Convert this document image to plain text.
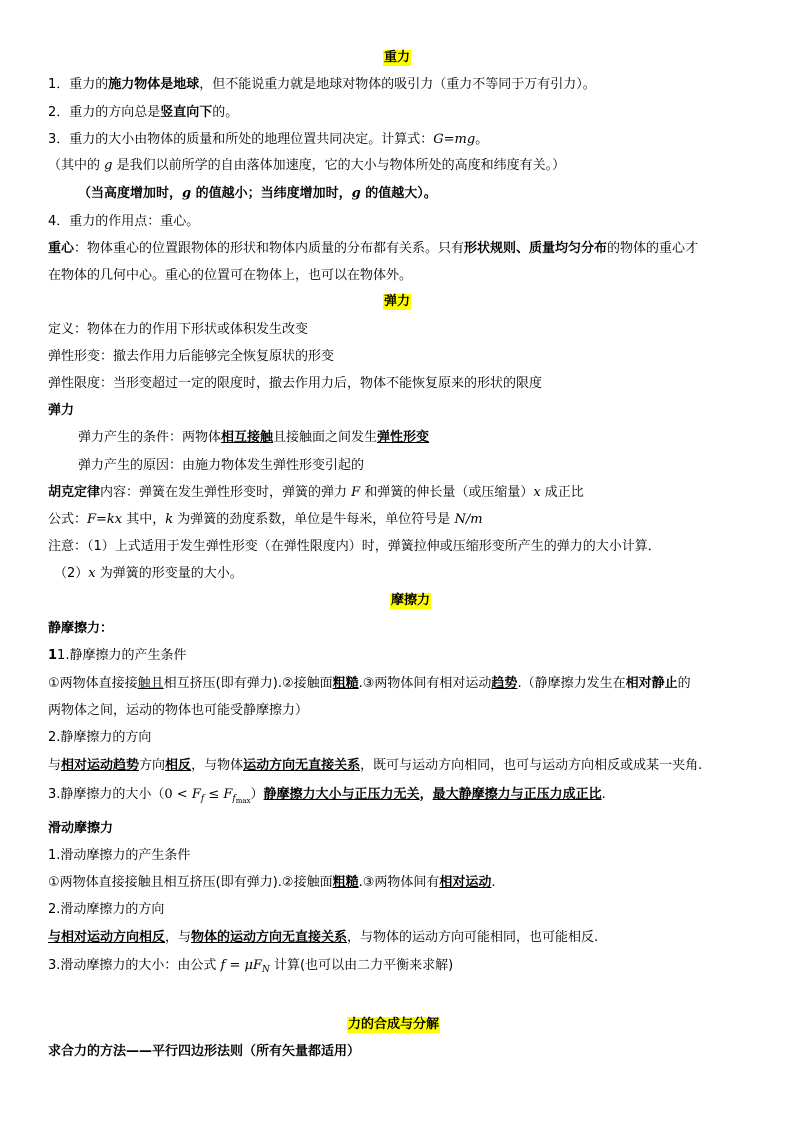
重力
1．重力的施力物体是地球，但不能说重力就是地球对物体的吸引力（重力不等同于万有引力）。
2．重力的方向总是竖直向下的。
3．重力的大小由物体的质量和所处的地理位置共同决定。计算式：G=mg。
（其中的 g 是我们以前所学的自由落体加速度，它的大小与物体所处的高度和纬度有关。）
（当高度增加时，g 的值越小；当纬度增加时，g 的值越大）。
4．重力的作用点：重心。
重心：物体重心的位置跟物体的形状和物体内质量的分布都有关系。只有形状规则、质量均匀分布的物体的重心才
在物体的几何中心。重心的位置可在物体上，也可以在物体外。
弹力
定义：物体在力的作用下形状或体积发生改变
弹性形变：撤去作用力后能够完全恢复原状的形变
弹性限度：当形变超过一定的限度时，撤去作用力后，物体不能恢复原来的形状的限度
弹力
弹力产生的条件：两物体相互接触且接触面之间发生弹性形变
弹力产生的原因：由施力物体发生弹性形变引起的
胡克定律内容：弹簧在发生弹性形变时，弹簧的弹力 F 和弹簧的伸长量（或压缩量）x 成正比
公式：F=kx 其中，k 为弹簧的劲度系数，单位是牛每米，单位符号是 N/m
注意：（1）上式适用于发生弹性形变（在弹性限度内）时，弹簧拉伸或压缩形变所产生的弹力的大小计算．
（2）x 为弹簧的形变量的大小。
摩擦力
静摩擦力：
11.静摩擦力的产生条件
①两物体直接接触且相互挤压(即有弹力).②接触面粗糙.③两物体间有相对运动趋势.（静摩擦力发生在相对静止的
两物体之间，运动的物体也可能受静摩擦力）
2.静摩擦力的方向
与相对运动趋势方向相反，与物体运动方向无直接关系，既可与运动方向相同，也可与运动方向相反或成某一夹角.
3.静摩擦力的大小$(0 < F_f \le F_{fmax})$静摩擦力大小与正压力无关，最大静摩擦力与正压力成正比.
滑动摩擦力
1.滑动摩擦力的产生条件
①两物体直接接触且相互挤压(即有弹力).②接触面粗糙.③两物体间有相对运动.
2.滑动摩擦力的方向
与相对运动方向相反，与物体的运动方向无直接关系，与物体的运动方向可能相同，也可能相反.
3.滑动摩擦力的大小：由公式 $f = \mu F_N$ 计算(也可以由二力平衡来求解)
力的合成与分解
求合力的方法——平行四边形法则（所有矢量都适用）
